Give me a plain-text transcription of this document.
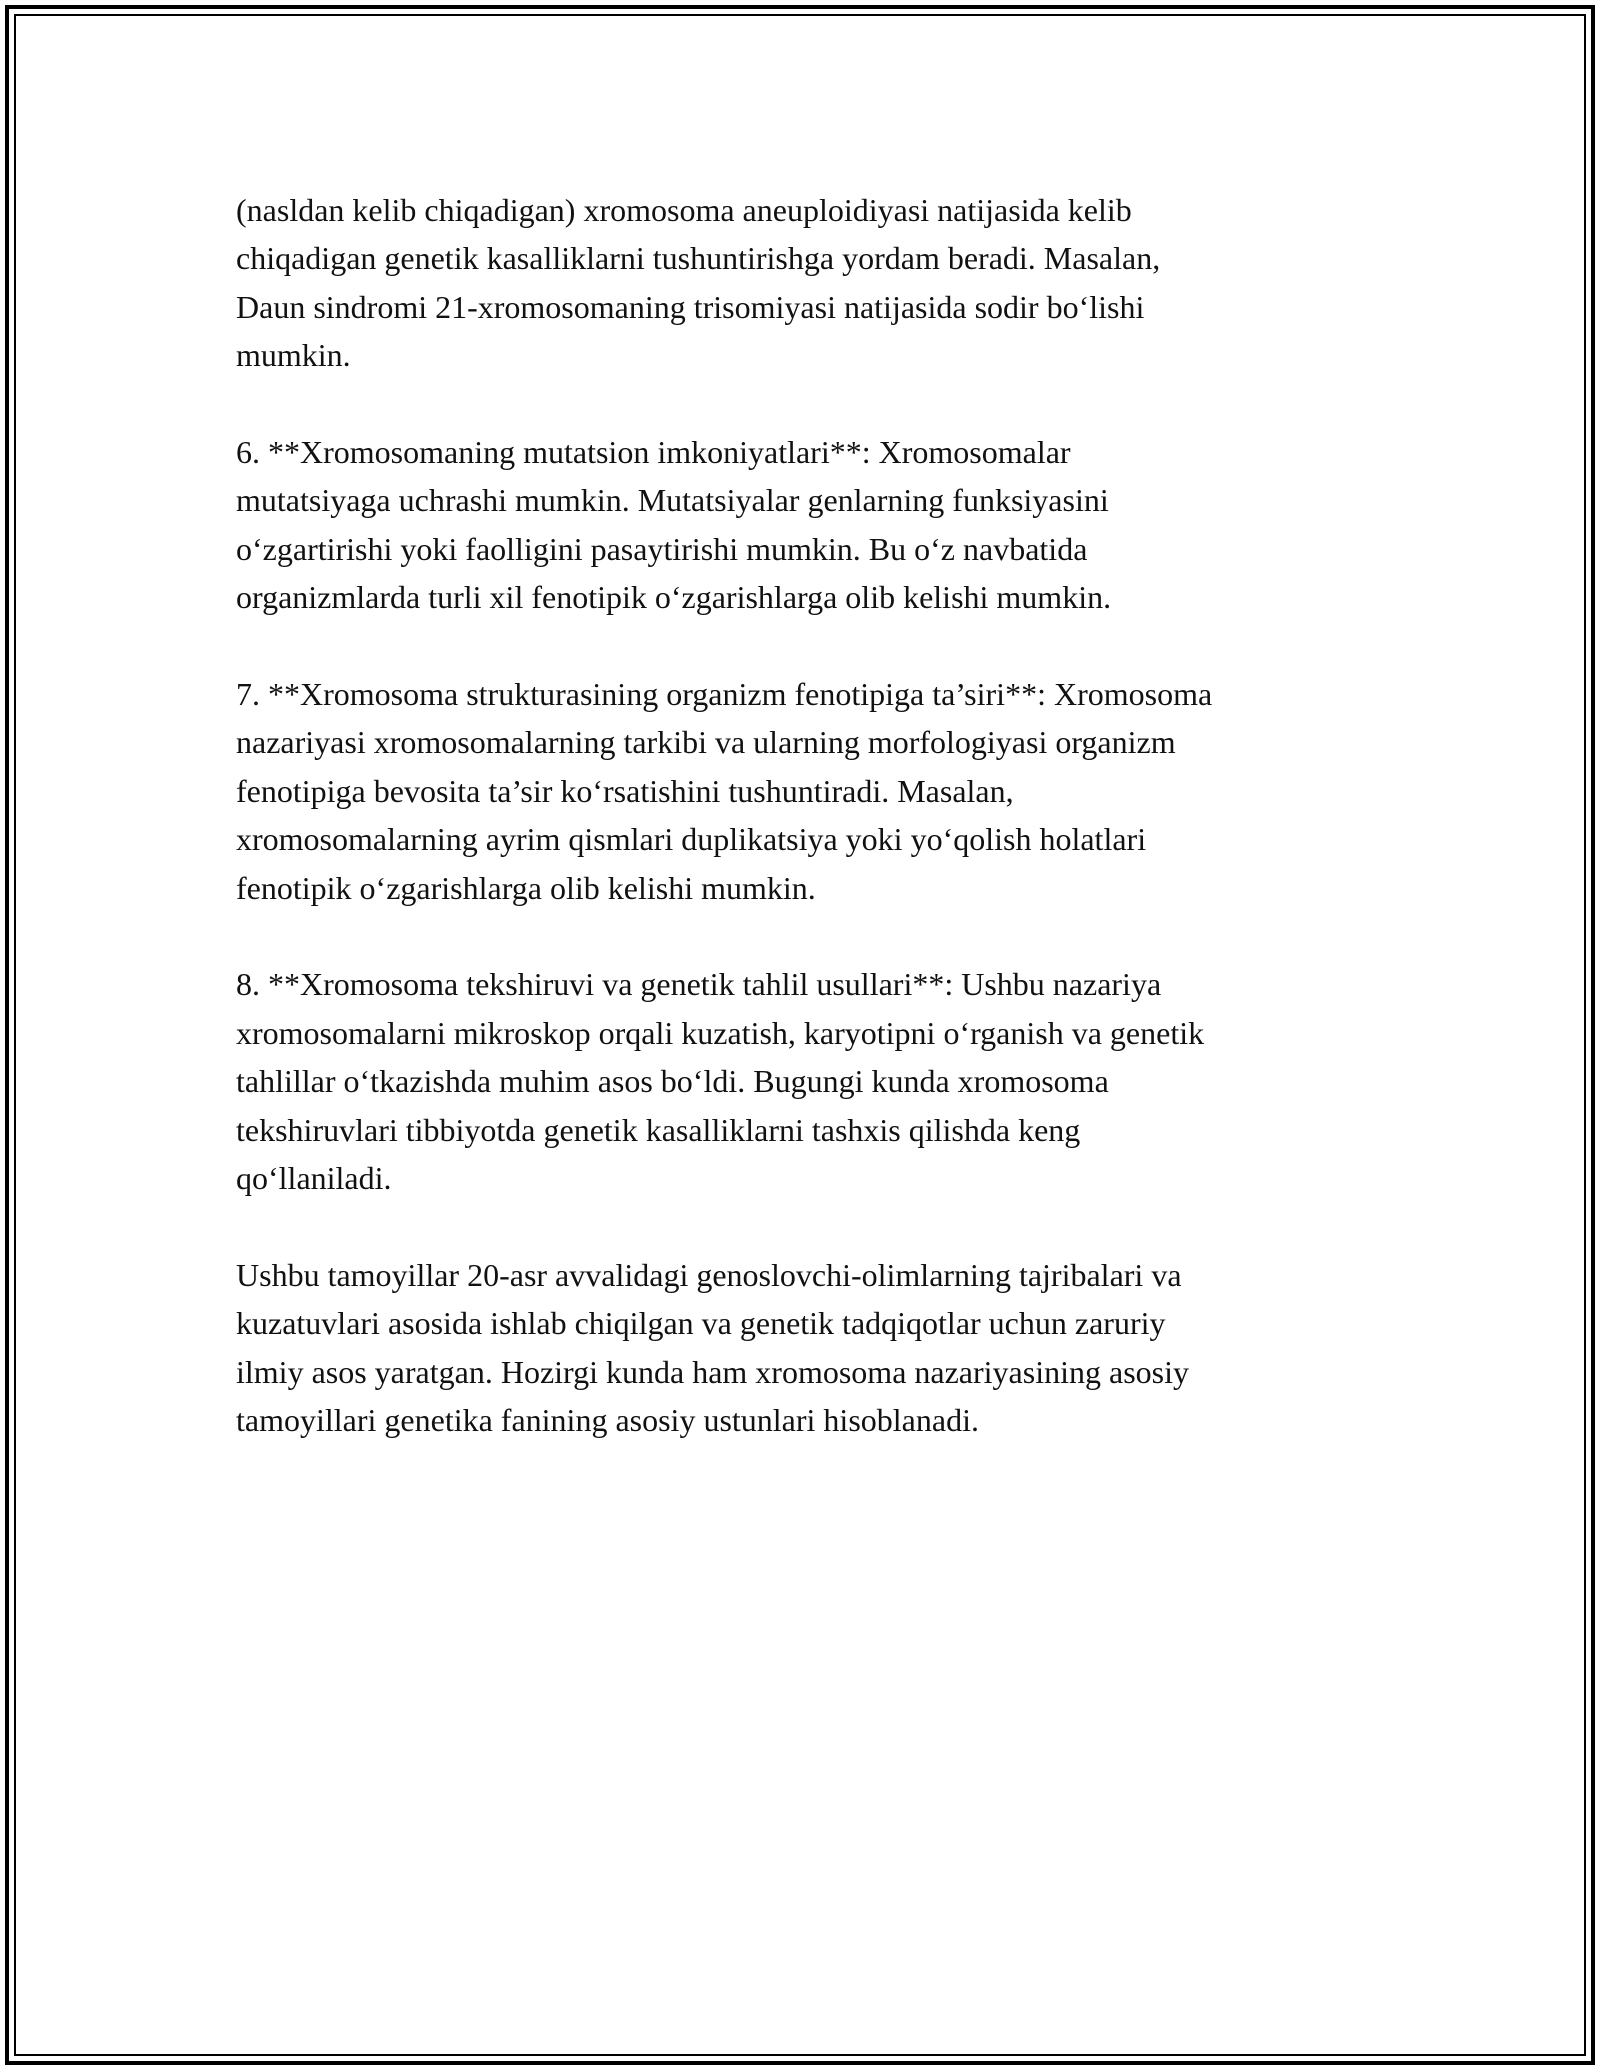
(nasldan kelib chiqadigan) xromosoma aneuploidiyasi natijasida kelib
chiqadigan genetik kasalliklarni tushuntirishga yordam beradi. Masalan,
Daun sindromi 21-xromosomaning trisomiyasi natijasida sodir bo‘lishi
mumkin.

6. **Xromosomaning mutatsion imkoniyatlari**: Xromosomalar
mutatsiyaga uchrashi mumkin. Mutatsiyalar genlarning funksiyasini
o‘zgartirishi yoki faolligini pasaytirishi mumkin. Bu o‘z navbatida
organizmlarda turli xil fenotipik o‘zgarishlarga olib kelishi mumkin.

7. **Xromosoma strukturasining organizm fenotipiga ta’siri**: Xromosoma
nazariyasi xromosomalarning tarkibi va ularning morfologiyasi organizm
fenotipiga bevosita ta’sir ko‘rsatishini tushuntiradi. Masalan,
xromosomalarning ayrim qismlari duplikatsiya yoki yo‘qolish holatlari
fenotipik o‘zgarishlarga olib kelishi mumkin.

8. **Xromosoma tekshiruvi va genetik tahlil usullari**: Ushbu nazariya
xromosomalarni mikroskop orqali kuzatish, karyotipni o‘rganish va genetik
tahlillar o‘tkazishda muhim asos bo‘ldi. Bugungi kunda xromosoma
tekshiruvlari tibbiyotda genetik kasalliklarni tashxis qilishda keng
qo‘llaniladi.

Ushbu tamoyillar 20-asr avvalidagi genoslovchi-olimlarning tajribalari va
kuzatuvlari asosida ishlab chiqilgan va genetik tadqiqotlar uchun zaruriy
ilmiy asos yaratgan. Hozirgi kunda ham xromosoma nazariyasining asosiy
tamoyillari genetika fanining asosiy ustunlari hisoblanadi.
